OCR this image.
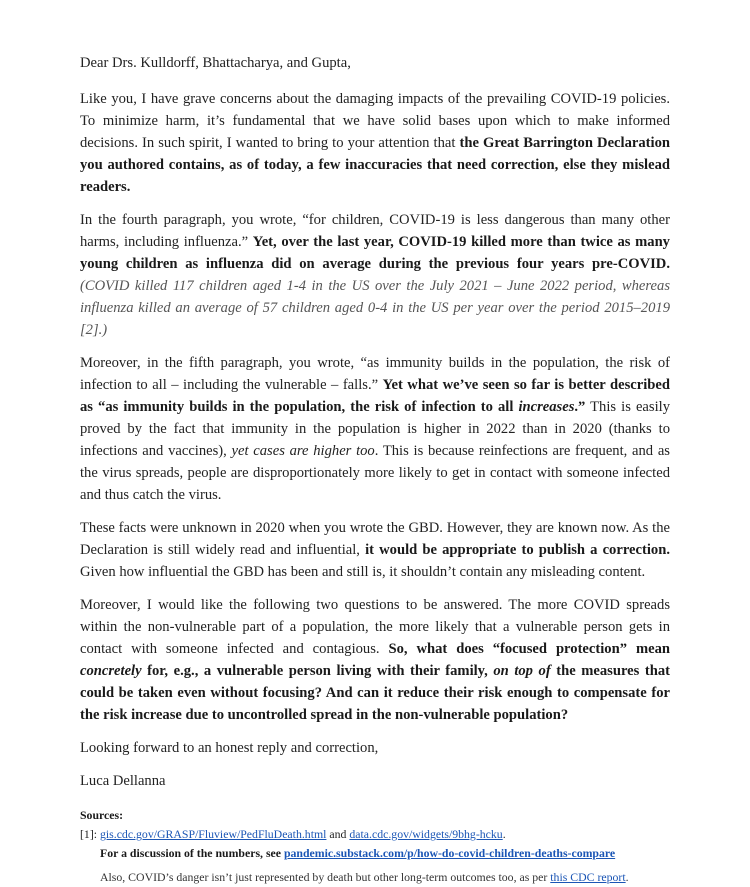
Dear Drs. Kulldorff, Bhattacharya, and Gupta,

Like you, I have grave concerns about the damaging impacts of the prevailing COVID-19 policies. To minimize harm, it’s fundamental that we have solid bases upon which to make informed decisions. In such spirit, I wanted to bring to your attention that the Great Barrington Declaration you authored contains, as of today, a few inaccuracies that need correction, else they mislead readers.

In the fourth paragraph, you wrote, “for children, COVID-19 is less dangerous than many other harms, including influenza.” Yet, over the last year, COVID-19 killed more than twice as many young children as influenza did on average during the previous four years pre-COVID. (COVID killed 117 children aged 1-4 in the US over the July 2021 – June 2022 period, whereas influenza killed an average of 57 children aged 0-4 in the US per year over the period 2015–2019 [2].)

Moreover, in the fifth paragraph, you wrote, “as immunity builds in the population, the risk of infection to all – including the vulnerable – falls.” Yet what we’ve seen so far is better described as “as immunity builds in the population, the risk of infection to all increases.” This is easily proved by the fact that immunity in the population is higher in 2022 than in 2020 (thanks to infections and vaccines), yet cases are higher too. This is because reinfections are frequent, and as the virus spreads, people are disproportionately more likely to get in contact with someone infected and thus catch the virus.

These facts were unknown in 2020 when you wrote the GBD. However, they are known now. As the Declaration is still widely read and influential, it would be appropriate to publish a correction. Given how influential the GBD has been and still is, it shouldn’t contain any misleading content.

Moreover, I would like the following two questions to be answered. The more COVID spreads within the non-vulnerable part of a population, the more likely that a vulnerable person gets in contact with someone infected and contagious. So, what does “focused protection” mean concretely for, e.g., a vulnerable person living with their family, on top of the measures that could be taken even without focusing? And can it reduce their risk enough to compensate for the risk increase due to uncontrolled spread in the non-vulnerable population?

Looking forward to an honest reply and correction,

Luca Dellanna

Sources:

[1]: gis.cdc.gov/GRASP/Fluview/PedFluDeath.html and data.cdc.gov/widgets/9bhg-hcku.

For a discussion of the numbers, see pandemic.substack.com/p/how-do-covid-children-deaths-compare

Also, COVID’s danger isn’t just represented by death but other long-term outcomes too, as per this CDC report.
